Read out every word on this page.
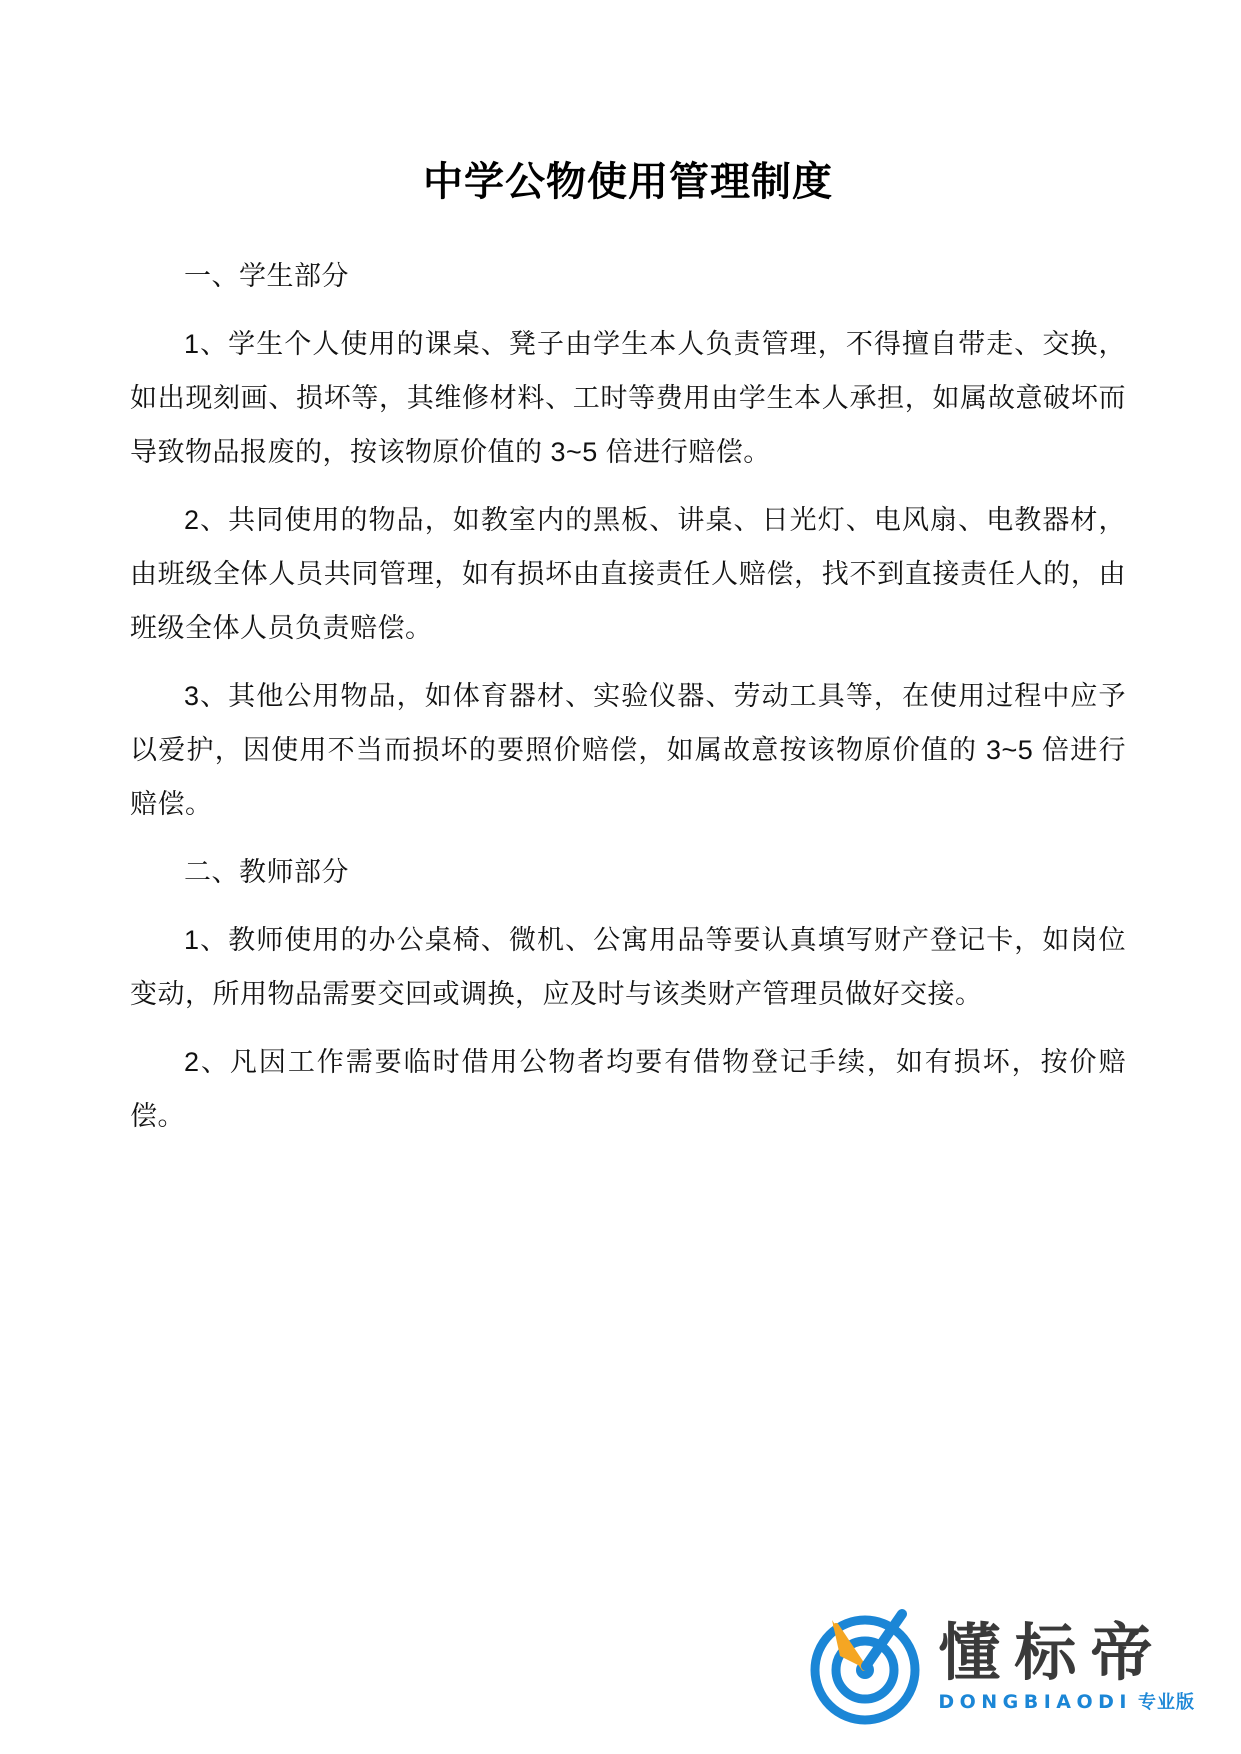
中学公物使用管理制度
一、学生部分

1、学生个人使用的课桌、凳子由学生本人负责管理，不得擅自带走、交换，如出现刻画、损坏等，其维修材料、工时等费用由学生本人承担，如属故意破坏而导致物品报废的，按该物原价值的 3~5 倍进行赔偿。

2、共同使用的物品，如教室内的黑板、讲桌、日光灯、电风扇、电教器材，由班级全体人员共同管理，如有损坏由直接责任人赔偿，找不到直接责任人的，由班级全体人员负责赔偿。

3、其他公用物品，如体育器材、实验仪器、劳动工具等，在使用过程中应予以爱护，因使用不当而损坏的要照价赔偿，如属故意按该物原价值的 3~5 倍进行赔偿。

二、教师部分

1、教师使用的办公桌椅、微机、公寓用品等要认真填写财产登记卡，如岗位变动，所用物品需要交回或调换，应及时与该类财产管理员做好交接。

2、凡因工作需要临时借用公物者均要有借物登记手续，如有损坏，按价赔偿。

懂标帝
DONGBIAODI 专业版
